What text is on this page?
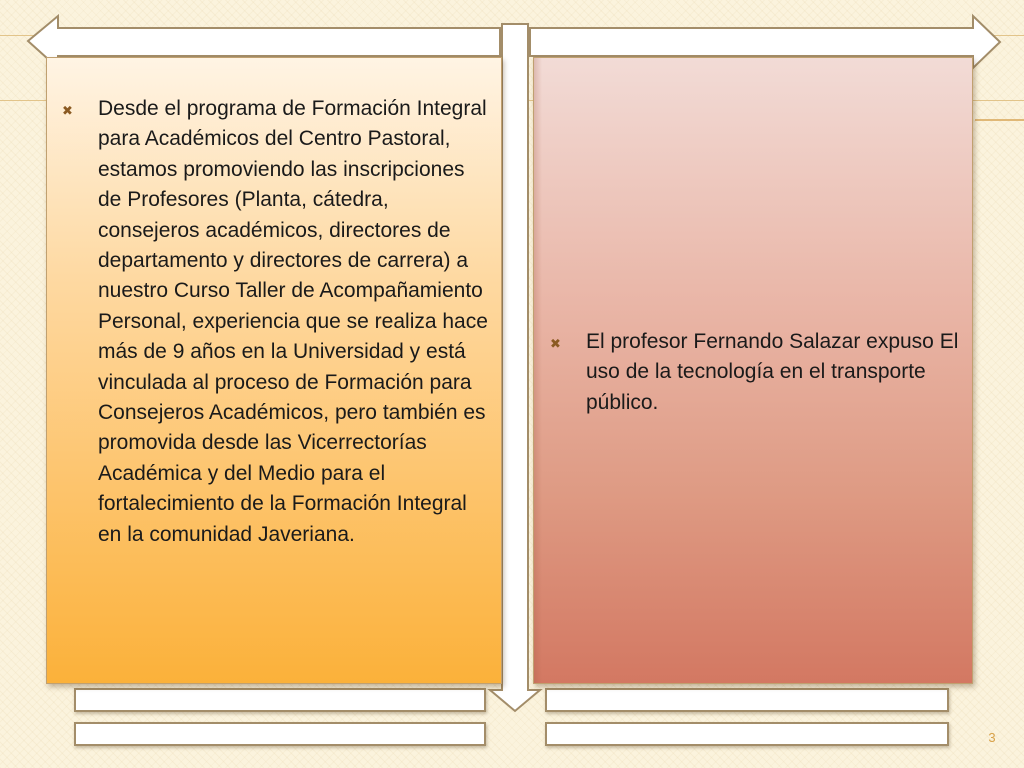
✖ Desde el programa de Formación Integral para Académicos del Centro Pastoral, estamos promoviendo las inscripciones de Profesores (Planta, cátedra, consejeros académicos, directores de departamento y directores de carrera) a nuestro Curso Taller de Acompañamiento Personal, experiencia que se realiza hace más de 9 años en la Universidad y está vinculada al proceso de Formación para Consejeros Académicos, pero también es promovida desde las Vicerrectorías Académica y del Medio para el fortalecimiento de la Formación Integral en la comunidad Javeriana.
✖ El profesor Fernando Salazar expuso El uso de la tecnología en el transporte público.
3
